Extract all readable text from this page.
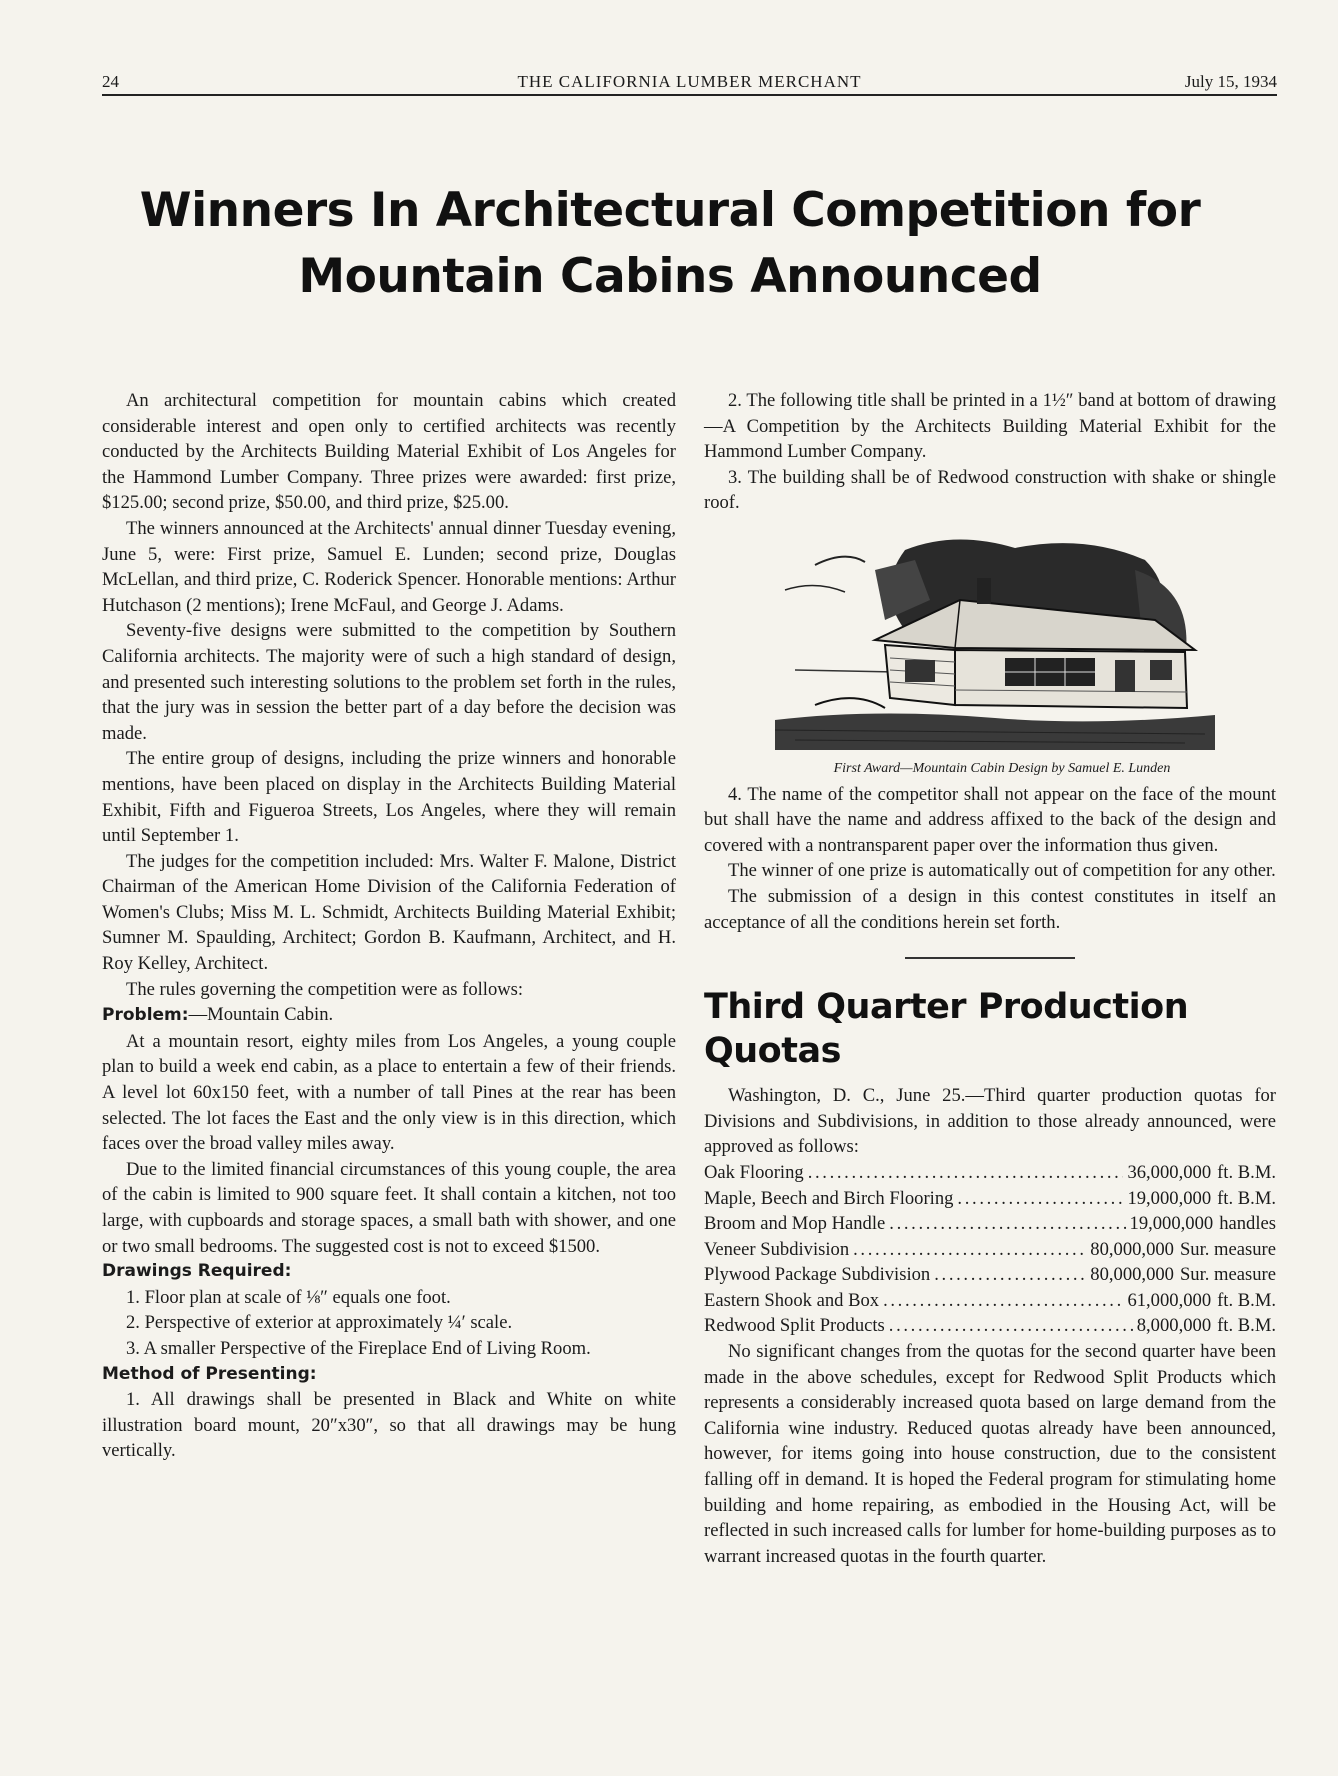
24	THE CALIFORNIA LUMBER MERCHANT	July 15, 1934
Winners In Architectural Competition for
Mountain Cabins Announced

An architectural competition for mountain cabins which created considerable interest and open only to certified architects was recently conducted by the Architects Building Material Exhibit of Los Angeles for the Hammond Lumber Company. Three prizes were awarded: first prize, $125.00; second prize, $50.00, and third prize, $25.00.

The winners announced at the Architects' annual dinner Tuesday evening, June 5, were: First prize, Samuel E. Lunden; second prize, Douglas McLellan, and third prize, C. Roderick Spencer. Honorable mentions: Arthur Hutchason (2 mentions); Irene McFaul, and George J. Adams.

Seventy-five designs were submitted to the competition by Southern California architects. The majority were of such a high standard of design, and presented such interesting solutions to the problem set forth in the rules, that the jury was in session the better part of a day before the decision was made.

The entire group of designs, including the prize winners and honorable mentions, have been placed on display in the Architects Building Material Exhibit, Fifth and Figueroa Streets, Los Angeles, where they will remain until September 1.

The judges for the competition included: Mrs. Walter F. Malone, District Chairman of the American Home Division of the California Federation of Women's Clubs; Miss M. L. Schmidt, Architects Building Material Exhibit; Sumner M. Spaulding, Architect; Gordon B. Kaufmann, Architect, and H. Roy Kelley, Architect.

The rules governing the competition were as follows:

Problem:—Mountain Cabin.

At a mountain resort, eighty miles from Los Angeles, a young couple plan to build a week end cabin, as a place to entertain a few of their friends. A level lot 60x150 feet, with a number of tall Pines at the rear has been selected. The lot faces the East and the only view is in this direction, which faces over the broad valley miles away.

Due to the limited financial circumstances of this young couple, the area of the cabin is limited to 900 square feet. It shall contain a kitchen, not too large, with cupboards and storage spaces, a small bath with shower, and one or two small bedrooms. The suggested cost is not to exceed $1500.

Drawings Required:

1. Floor plan at scale of ⅛″ equals one foot.

2. Perspective of exterior at approximately ¼′ scale.

3. A smaller Perspective of the Fireplace End of Living Room.

Method of Presenting:

1. All drawings shall be presented in Black and White on white illustration board mount, 20″x30″, so that all drawings may be hung vertically.

2. The following title shall be printed in a 1½″ band at bottom of drawing—A Competition by the Architects Building Material Exhibit for the Hammond Lumber Company.

3. The building shall be of Redwood construction with shake or shingle roof.

First Award—Mountain Cabin Design by Samuel E. Lunden

4. The name of the competitor shall not appear on the face of the mount but shall have the name and address affixed to the back of the design and covered with a nontransparent paper over the information thus given.

The winner of one prize is automatically out of competition for any other.

The submission of a design in this contest constitutes in itself an acceptance of all the conditions herein set forth.

Third Quarter Production Quotas

Washington, D. C., June 25.—Third quarter production quotas for Divisions and Subdivisions, in addition to those already announced, were approved as follows:

Oak Flooring . . .	36,000,000 ft. B.M.
Maple, Beech and Birch Flooring . . .	19,000,000 ft. B.M.
Broom and Mop Handle . . .	19,000,000 handles
Veneer Subdivision . . .	80,000,000 Sur. measure
Plywood Package Subdivision . . .	80,000,000 Sur. measure
Eastern Shook and Box . . .	61,000,000 ft. B.M.
Redwood Split Products . . .	8,000,000 ft. B.M.

No significant changes from the quotas for the second quarter have been made in the above schedules, except for Redwood Split Products which represents a considerably increased quota based on large demand from the California wine industry. Reduced quotas already have been announced, however, for items going into house construction, due to the consistent falling off in demand. It is hoped the Federal program for stimulating home building and home repairing, as embodied in the Housing Act, will be reflected in such increased calls for lumber for home-building purposes as to warrant increased quotas in the fourth quarter.
